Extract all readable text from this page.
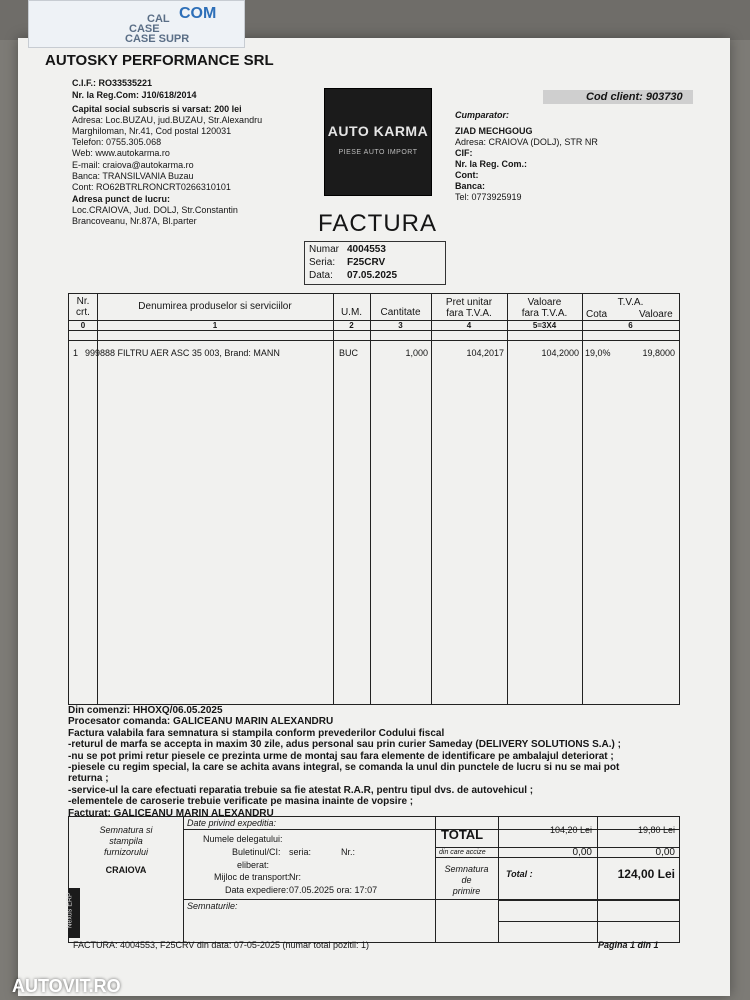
AUTOSKY PERFORMANCE SRL
C.I.F.: RO33535221
Nr. la Reg.Com: J10/618/2014
Capital social subscris si varsat: 200 lei
Adresa: Loc.BUZAU, jud.BUZAU, Str.Alexandru
Marghiloman, Nr.41, Cod postal 120031
Telefon: 0755.305.068
Web: www.autokarma.ro
E-mail: craiova@autokarma.ro
Banca: TRANSILVANIA Buzau
Cont: RO62BTRLRONCRT0266310101
Adresa punct de lucru:
Loc.CRAIOVA, Jud. DOLJ, Str.Constantin
Brancoveanu, Nr.87A, Bl.parter
AUTO KARMA
PIESE AUTO IMPORT
Cod client: 903730
Cumparator:
ZIAD MECHGOUG
Adresa: CRAIOVA (DOLJ), STR NR
CIF:
Nr. la Reg. Com.:
Cont:
Banca:
Tel: 0773925919
FACTURA
Numar 4004553
Seria: F25CRV
Data: 07.05.2025
Nr.
crt.
Denumirea produselor si serviciilor
U.M.	Cantitate
Pret unitar
fara T.V.A.
Valoare
fara T.V.A.
T.V.A.
Cota	Valoare
0	1	2	3	4	5=3X4	6
1 999888 FILTRU AER ASC 35 003, Brand: MANN	BUC	1,000	104,2017	104,2000 19,0%	19,8000
Din comenzi: HHOXQ/06.05.2025
Procesator comanda: GALICEANU MARIN ALEXANDRU
Factura valabila fara semnatura si stampila conform prevederilor Codului fiscal
-returul de marfa se accepta in maxim 30 zile, adus personal sau prin curier Sameday (DELIVERY SOLUTIONS S.A.) ;
-nu se pot primi retur piesele ce prezinta urme de montaj sau fara elemente de identificare pe ambalajul deteriorat ;
-piesele cu regim special, la care se achita avans integral, se comanda la unul din punctele de lucru si nu se mai pot
returna ;
-service-ul la care efectuati reparatia trebuie sa fie atestat R.A.R, pentru tipul dvs. de autovehicul ;
-elementele de caroserie trebuie verificate pe masina inainte de vopsire ;
Facturat: GALICEANU MARIN ALEXANDRU
Semnatura si
stampila
furnizorului
CRAIOVA
Date privind expeditia:
Numele delegatului:
Buletinul/CI: seria:	Nr.:
eliberat:
Mijloc de transport:
Nr:
Data expediere: 07.05.2025 ora: 17:07
Semnaturile:
TOTAL	104,20 Lei	19,80 Lei
din care accize	0,00	0,00
Semnatura
de
primire
Total :	124,00 Lei
Nexus ERP
FACTURA: 4004553, F25CRV din data: 07-05-2025 (numar total pozitii: 1)	Pagina 1 din 1
COM
CAL
CASE
CASE SUPR
AUTOVIT.RO
